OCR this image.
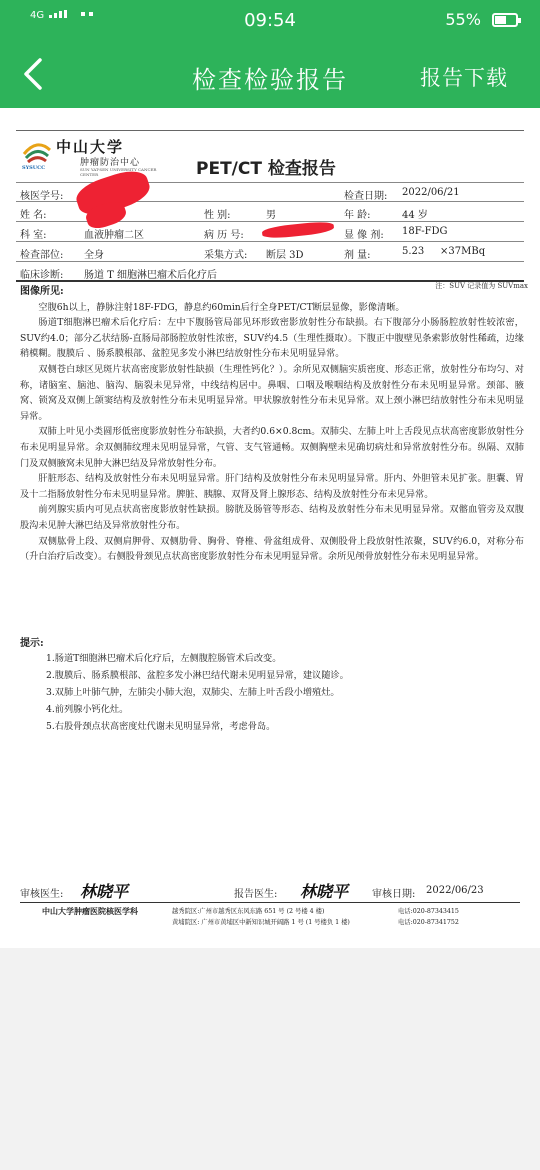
4G	09:54	55%
检查检验报告	报告下载
中山大学
肿瘤防治中心
SUN YAT-SEN UNIVERSITY CANCER CENTER
SYSUCC	PET/CT 检查报告
核医学号:	检查日期: 2022/06/21
姓 名:	性 别:	男	年 龄:	44 岁
科 室:	血液肿瘤二区	病 历 号:	显 像 剂: 18F-FDG
检查部位: 全身	采集方式: 断层 3D	剂 量:	5.23 ×37MBq
临床诊断: 肠道 T 细胞淋巴瘤术后化疗后
注：SUV 记录值为 SUVmax
图像所见:
空腹6h以上，静脉注射18F-FDG，静息约60min后行全身PET/CT断层显像，影像清晰。
肠道T细胞淋巴瘤术后化疗后：左中下腹肠管局部见环形致密影放射性分布缺损。右下腹部分小肠肠腔放射性较浓密，SUV约4.0；部分乙状结肠-直肠局部肠腔放射性浓密，SUV约4.5（生理性摄取）。下腹正中腹壁见条索影放射性稀疏，边缘稍模糊。腹膜后 、肠系膜根部、盆腔见多发小淋巴结放射性分布未见明显异常。
双侧苍白球区见斑片状高密度影放射性缺损（生理性钙化？）。余所见双侧脑实质密度、形态正常，放射性分布均匀、对称，诸脑室、脑池、脑沟、脑裂未见异常，中线结构居中。鼻咽、口咽及喉咽结构及放射性分布未见明显异常。颈部、腋窝、锁窝及双侧上颌窦结构及放射性分布未见明显异常。甲状腺放射性分布未见异常。双上颈小淋巴结放射性分布未见明显异常。
双肺上叶见小类圆形低密度影放射性分布缺损，大者约0.6×0.8cm。双肺尖、左肺上叶上舌段见点状高密度影放射性分布未见明显异常。余双侧肺纹理未见明显异常，气管、支气管通畅。双侧胸壁未见确切病灶和异常放射性分布。纵隔、双肺门及双侧腋窝未见肿大淋巴结及异常放射性分布。
肝脏形态、结构及放射性分布未见明显异常。肝门结构及放射性分布未见明显异常。肝内、外胆管未见扩张。胆囊、胃及十二指肠放射性分布未见明显异常。脾脏、胰腺、双肾及肾上腺形态、结构及放射性分布未见异常。
前列腺实质内可见点状高密度影放射性缺损。膀胱及肠管等形态、结构及放射性分布未见明显异常。双髂血管旁及双腹股沟未见肿大淋巴结及异常放射性分布。
双侧肱骨上段、双侧肩胛骨、双侧肋骨、胸骨、脊椎、骨盆组成骨、双侧股骨上段放射性浓聚，SUV约6.0，对称分布（升白治疗后改变）。右侧股骨颈见点状高密度影放射性分布未见明显异常。余所见颅骨放射性分布未见明显异常。
提示:
1.肠道T细胞淋巴瘤术后化疗后，左侧腹腔肠管术后改变。
2.腹膜后、肠系膜根部、盆腔多发小淋巴结代谢未见明显异常，建议随诊。
3.双肺上叶肺气肿，左肺尖小肺大泡，双肺尖、左肺上叶舌段小增殖灶。
4.前列腺小钙化灶。
5.右股骨颈点状高密度灶代谢未见明显异常，考虑骨岛。
审核医生: 林晓平	报告医生: 林晓平 审核日期: 2022/06/23
中山大学肿瘤医院核医学科	越秀院区:广州市越秀区东风东路 651 号 (2 号楼 4 楼)
黄埔院区: 广州市黄埔区中新知识城开阔路 1 号 (1 号楼负 1 楼)
电话:020-87343415
电话:020-87341752
